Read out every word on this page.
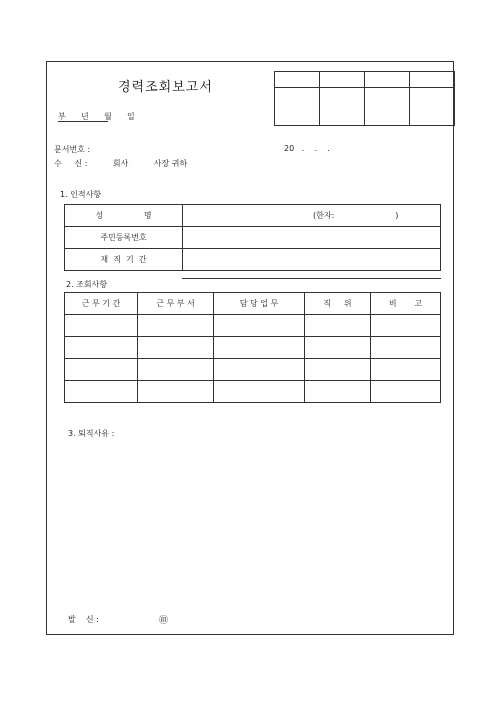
경력조회보고서

부      년      월      일
문서번호 :	20   .    .    .
수     신 :          회사          사장 귀하
1. 인적사항
성                명	(한자:                        )
주민등록번호	
재  직  기  간	
2. 조회사항
근 무 기 간	근 무 부 서	담 당 업 무	직     위	비       고

3. 퇴직사유 :
발    신 :	㊞
